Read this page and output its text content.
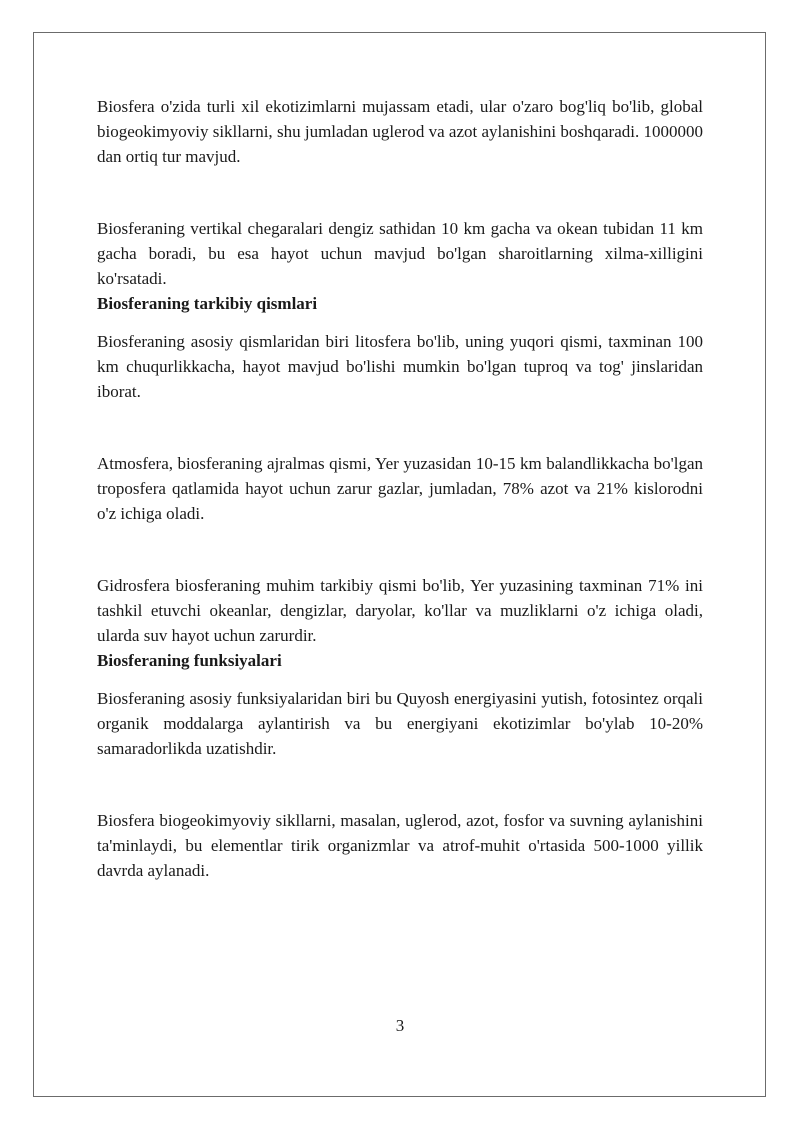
Biosfera o'zida turli xil ekotizimlarni mujassam etadi, ular o'zaro bog'liq bo'lib, global biogeokimyoviy sikllarni, shu jumladan uglerod va azot aylanishini boshqaradi. 1000000 dan ortiq tur mavjud.

Biosferaning vertikal chegaralari dengiz sathidan 10 km gacha va okean tubidan 11 km gacha boradi, bu esa hayot uchun mavjud bo'lgan sharoitlarning xilma-xilligini ko'rsatadi.

Biosferaning tarkibiy qismlari

Biosferaning asosiy qismlaridan biri litosfera bo'lib, uning yuqori qismi, taxminan 100 km chuqurlikkacha, hayot mavjud bo'lishi mumkin bo'lgan tuproq va tog' jinslaridan iborat.

Atmosfera, biosferaning ajralmas qismi, Yer yuzasidan 10-15 km balandlikkacha bo'lgan troposfera qatlamida hayot uchun zarur gazlar, jumladan, 78% azot va 21% kislorodni o'z ichiga oladi.

Gidrosfera biosferaning muhim tarkibiy qismi bo'lib, Yer yuzasining taxminan 71% ini tashkil etuvchi okeanlar, dengizlar, daryolar, ko'llar va muzliklarni o'z ichiga oladi, ularda suv hayot uchun zarurdir.

Biosferaning funksiyalari

Biosferaning asosiy funksiyalaridan biri bu Quyosh energiyasini yutish, fotosintez orqali organik moddalarga aylantirish va bu energiyani ekotizimlar bo'ylab 10-20% samaradorlikda uzatishdir.

Biosfera biogeokimyoviy sikllarni, masalan, uglerod, azot, fosfor va suvning aylanishini ta'minlaydi, bu elementlar tirik organizmlar va atrof-muhit o'rtasida 500-1000 yillik davrda aylanadi.

3
